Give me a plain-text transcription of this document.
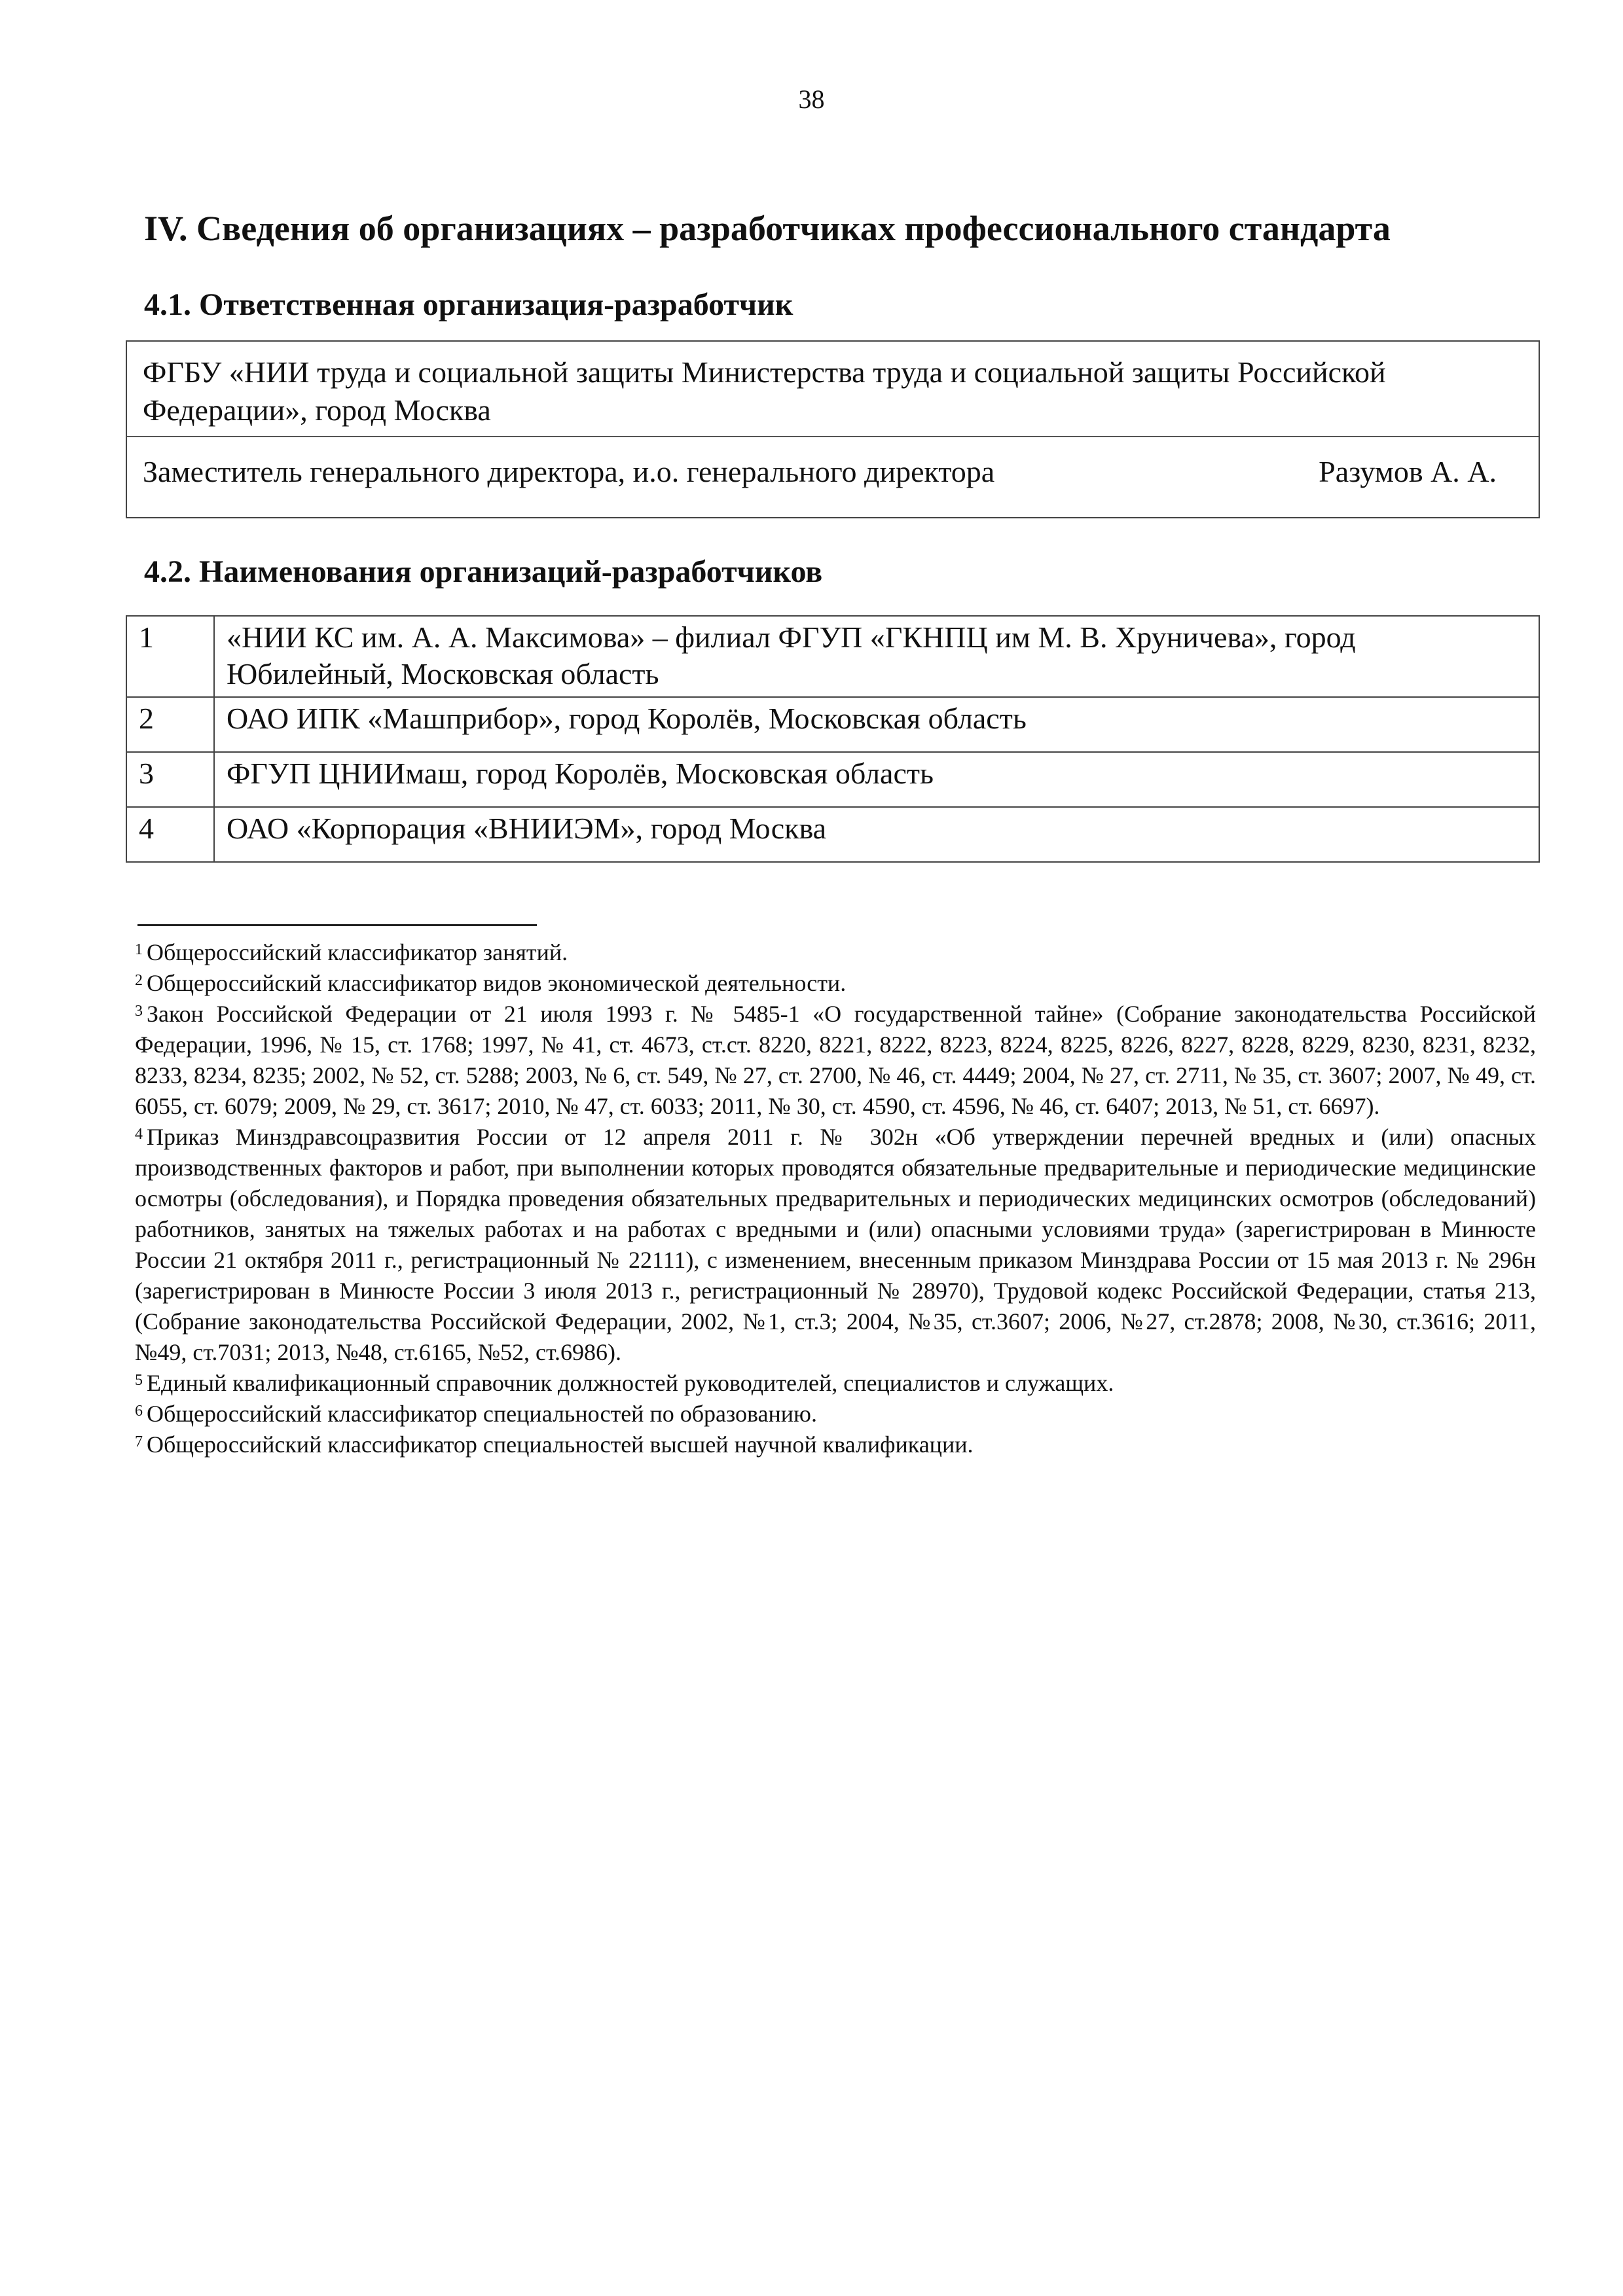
38
IV. Сведения об организациях – разработчиках профессионального стандарта
4.1. Ответственная организация-разработчик
ФГБУ «НИИ труда и социальной защиты Министерства труда и социальной защиты Российской Федерации», город Москва
Заместитель генерального директора, и.о. генерального директора	Разумов А. А.
4.2. Наименования организаций-разработчиков
1	«НИИ КС им. А. А. Максимова» – филиал ФГУП «ГКНПЦ им М. В. Хруничева», город Юбилейный, Московская область
2	ОАО ИПК «Машприбор», город Королёв, Московская область
3	ФГУП ЦНИИмаш, город Королёв, Московская область
4	ОАО «Корпорация «ВНИИЭМ», город Москва

$^1$ Общероссийский классификатор занятий.

$^2$ Общероссийский классификатор видов экономической деятельности.

$^3$ Закон Российской Федерации от 21 июля 1993 г. № 5485-1 «О государственной тайне» (Собрание законодательства Российской Федерации, 1996, № 15, ст. 1768; 1997, № 41, ст. 4673, ст.ст. 8220, 8221, 8222, 8223, 8224, 8225, 8226, 8227, 8228, 8229, 8230, 8231, 8232, 8233, 8234, 8235; 2002, № 52, ст. 5288; 2003, № 6, ст. 549, № 27, ст. 2700, № 46, ст. 4449; 2004, № 27, ст. 2711, № 35, ст. 3607; 2007, № 49, ст. 6055, ст. 6079; 2009, № 29, ст. 3617; 2010, № 47, ст. 6033; 2011, № 30, ст. 4590, ст. 4596, № 46, ст. 6407; 2013, № 51, ст. 6697).

$^4$ Приказ Минздравсоцразвития России от 12 апреля 2011 г. № 302н «Об утверждении перечней вредных и (или) опасных производственных факторов и работ, при выполнении которых проводятся обязательные предварительные и периодические медицинские осмотры (обследования), и Порядка проведения обязательных предварительных и периодических медицинских осмотров (обследований) работников, занятых на тяжелых работах и на работах с вредными и (или) опасными условиями труда» (зарегистрирован в Минюсте России 21 октября 2011 г., регистрационный № 22111), с изменением, внесенным приказом Минздрава России от 15 мая 2013 г. № 296н (зарегистрирован в Минюсте России 3 июля 2013 г., регистрационный № 28970), Трудовой кодекс Российской Федерации, статья 213, (Собрание законодательства Российской Федерации, 2002, №1, ст.3; 2004, №35, ст.3607; 2006, №27, ст.2878; 2008, №30, ст.3616; 2011, №49, ст.7031; 2013, №48, ст.6165, №52, ст.6986).

$^5$ Единый квалификационный справочник должностей руководителей, специалистов и служащих.

$^6$ Общероссийский классификатор специальностей по образованию.

$^7$ Общероссийский классификатор специальностей высшей научной квалификации.
